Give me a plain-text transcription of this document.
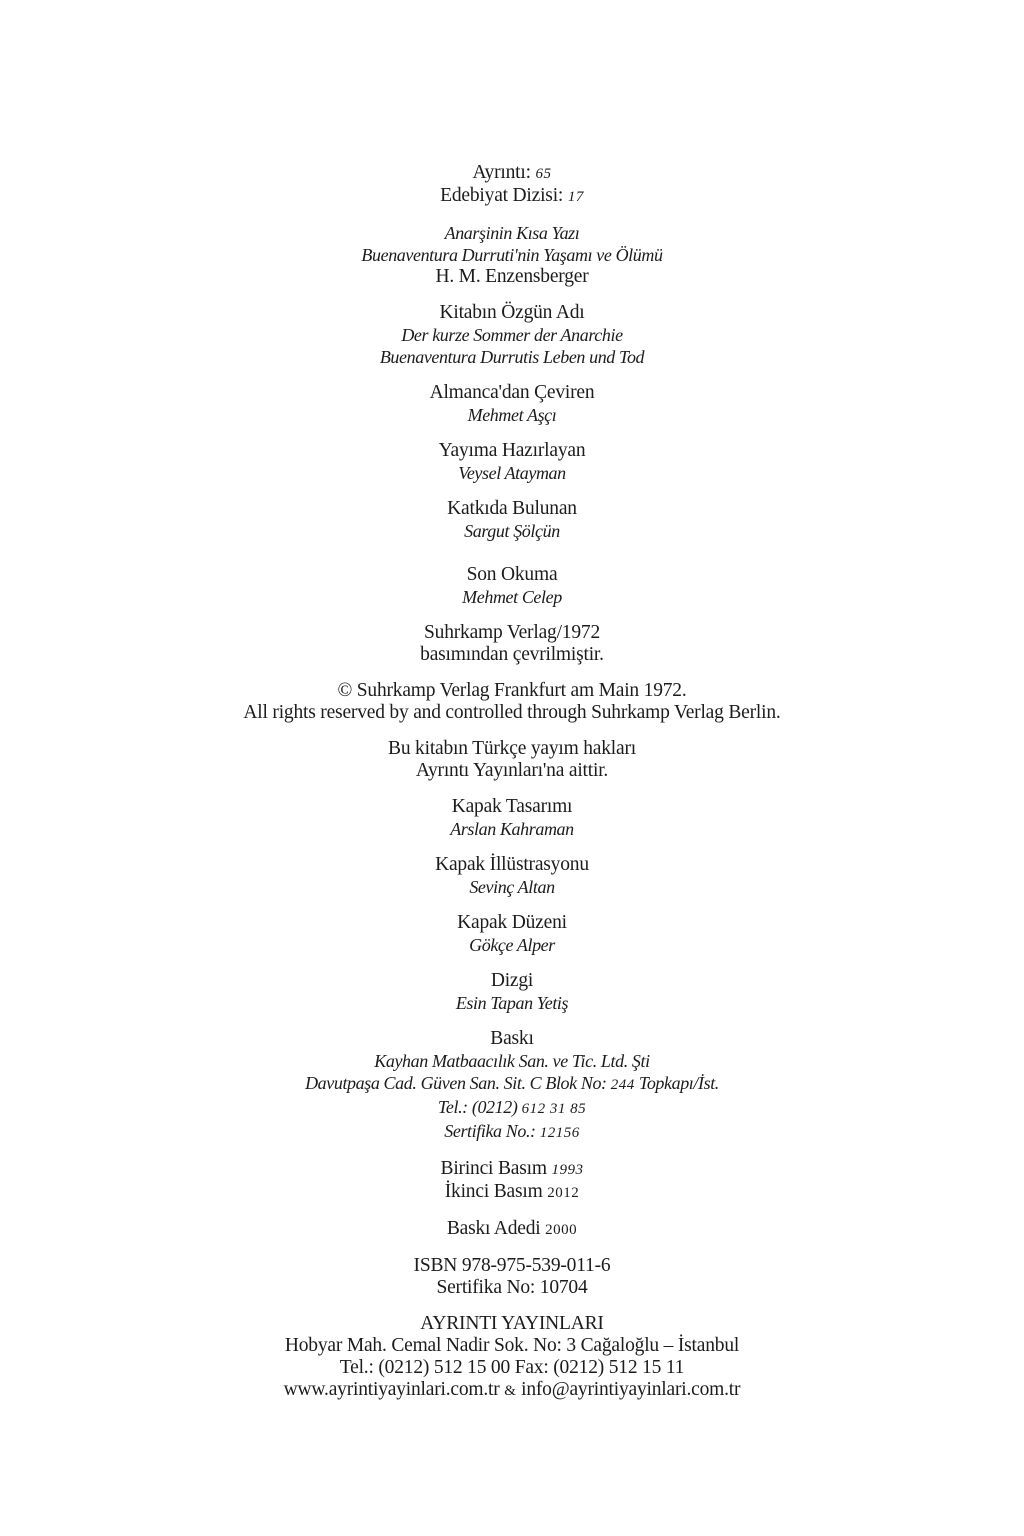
Ayrıntı: 65
Edebiyat Dizisi: 17
Anarşinin Kısa Yazı
Buenaventura Durruti'nin Yaşamı ve Ölümü
H. M. Enzensberger
Kitabın Özgün Adı
Der kurze Sommer der Anarchie
Buenaventura Durrutis Leben und Tod
Almanca'dan Çeviren
Mehmet Aşçı
Yayıma Hazırlayan
Veysel Atayman
Katkıda Bulunan
Sargut Şölçün
Son Okuma
Mehmet Celep
Suhrkamp Verlag/1972
basımından çevrilmiştir.
© Suhrkamp Verlag Frankfurt am Main 1972.
All rights reserved by and controlled through Suhrkamp Verlag Berlin.
Bu kitabın Türkçe yayım hakları
Ayrıntı Yayınları'na aittir.
Kapak Tasarımı
Arslan Kahraman
Kapak İllüstrasyonu
Sevinç Altan
Kapak Düzeni
Gökçe Alper
Dizgi
Esin Tapan Yetiş
Baskı
Kayhan Matbaacılık San. ve Tic. Ltd. Şti
Davutpaşa Cad. Güven San. Sit. C Blok No: 244 Topkapı/İst.
Tel.: (0212) 612 31 85
Sertifika No.: 12156
Birinci Basım 1993
İkinci Basım 2012
Baskı Adedi 2000
ISBN 978-975-539-011-6
Sertifika No: 10704
AYRINTI YAYINLARI
Hobyar Mah. Cemal Nadir Sok. No: 3 Cağaloğlu – İstanbul
Tel.: (0212) 512 15 00 Fax: (0212) 512 15 11
www.ayrintiyayinlari.com.tr & info@ayrintiyayinlari.com.tr
